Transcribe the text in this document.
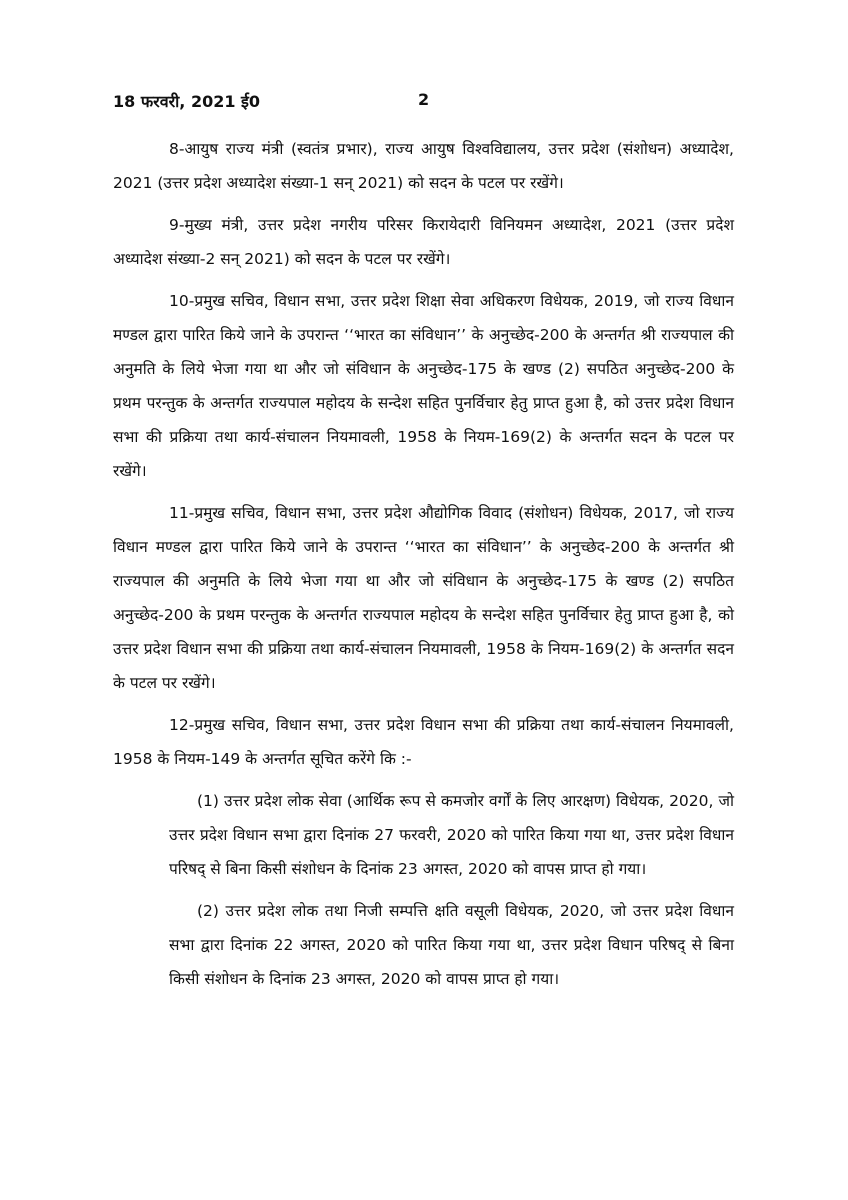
18 फरवरी, 2021 ई0	2

8-आयुष राज्य मंत्री (स्वतंत्र प्रभार), राज्य आयुष विश्वविद्यालय, उत्तर प्रदेश (संशोधन) अध्यादेश, 2021 (उत्तर प्रदेश अध्यादेश संख्या-1 सन् 2021) को सदन के पटल पर रखेंगे।

9-मुख्य मंत्री, उत्तर प्रदेश नगरीय परिसर किरायेदारी विनियमन अध्यादेश, 2021 (उत्तर प्रदेश अध्यादेश संख्या-2 सन् 2021) को सदन के पटल पर रखेंगे।

10-प्रमुख सचिव, विधान सभा, उत्तर प्रदेश शिक्षा सेवा अधिकरण विधेयक, 2019, जो राज्य विधान मण्डल द्वारा पारित किये जाने के उपरान्त ‘‘भारत का संविधान’’ के अनुच्छेद-200 के अन्तर्गत श्री राज्यपाल की अनुमति के लिये भेजा गया था और जो संविधान के अनुच्छेद-175 के खण्ड (2) सपठित अनुच्छेद-200 के प्रथम परन्तुक के अन्तर्गत राज्यपाल महोदय के सन्देश सहित पुनर्विचार हेतु प्राप्त हुआ है, को उत्तर प्रदेश विधान सभा की प्रक्रिया तथा कार्य-संचालन नियमावली, 1958 के नियम-169(2) के अन्तर्गत सदन के पटल पर रखेंगे।

11-प्रमुख सचिव, विधान सभा, उत्तर प्रदेश औद्योगिक विवाद (संशोधन) विधेयक, 2017, जो राज्य विधान मण्डल द्वारा पारित किये जाने के उपरान्त ‘‘भारत का संविधान’’ के अनुच्छेद-200 के अन्तर्गत श्री राज्यपाल की अनुमति के लिये भेजा गया था और जो संविधान के अनुच्छेद-175 के खण्ड (2) सपठित अनुच्छेद-200 के प्रथम परन्तुक के अन्तर्गत राज्यपाल महोदय के सन्देश सहित पुनर्विचार हेतु प्राप्त हुआ है, को उत्तर प्रदेश विधान सभा की प्रक्रिया तथा कार्य-संचालन नियमावली, 1958 के नियम-169(2) के अन्तर्गत सदन के पटल पर रखेंगे।

12-प्रमुख सचिव, विधान सभा, उत्तर प्रदेश विधान सभा की प्रक्रिया तथा कार्य-संचालन नियमावली, 1958 के नियम-149 के अन्तर्गत सूचित करेंगे कि :-

(1) उत्तर प्रदेश लोक सेवा (आर्थिक रूप से कमजोर वर्गों के लिए आरक्षण) विधेयक, 2020, जो उत्तर प्रदेश विधान सभा द्वारा दिनांक 27 फरवरी, 2020 को पारित किया गया था, उत्तर प्रदेश विधान परिषद् से बिना किसी संशोधन के दिनांक 23 अगस्त, 2020 को वापस प्राप्त हो गया।

(2) उत्तर प्रदेश लोक तथा निजी सम्पत्ति क्षति वसूली विधेयक, 2020, जो उत्तर प्रदेश विधान सभा द्वारा दिनांक 22 अगस्त, 2020 को पारित किया गया था, उत्तर प्रदेश विधान परिषद् से बिना किसी संशोधन के दिनांक 23 अगस्त, 2020 को वापस प्राप्त हो गया।
